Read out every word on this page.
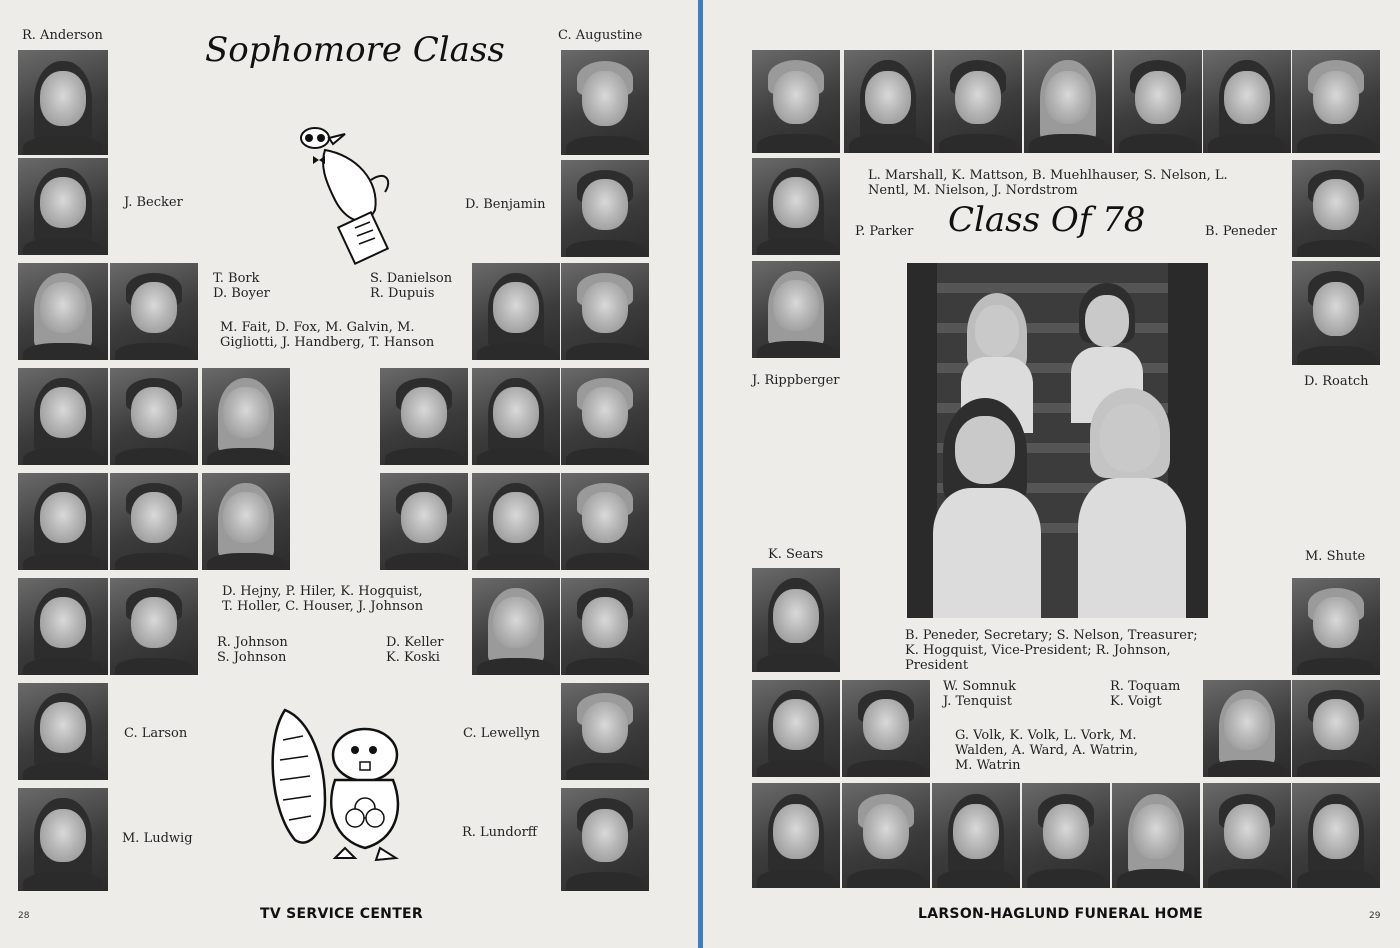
Sophomore Class
R. Anderson	C. Augustine
J. Becker	D. Benjamin
T. Bork
D. Boyer
S. Danielson
R. Dupuis
M. Fait, D. Fox, M. Galvin, M.
Gigliotti, J. Handberg, T. Hanson
D. Hejny, P. Hiler, K. Hogquist,
T. Holler, C. Houser, J. Johnson
R. Johnson
S. Johnson
D. Keller
K. Koski
C. Larson	C. Lewellyn
M. Ludwig	R. Lundorff
Class Of 78
L. Marshall, K. Mattson, B. Muehlhauser, S. Nelson, L.
Nentl, M. Nielson, J. Nordstrom
P. Parker	B. Peneder
J. Rippberger	D. Roatch
K. Sears	M. Shute
B. Peneder, Secretary; S. Nelson, Treasurer;
K. Hogquist, Vice-President; R. Johnson,
President
W. Somnuk
J. Tenquist
R. Toquam
K. Voigt
G. Volk, K. Volk, L. Vork, M.
Walden, A. Ward, A. Watrin,
M. Watrin
TV SERVICE CENTER	LARSON-HAGLUND FUNERAL HOME
28	29
